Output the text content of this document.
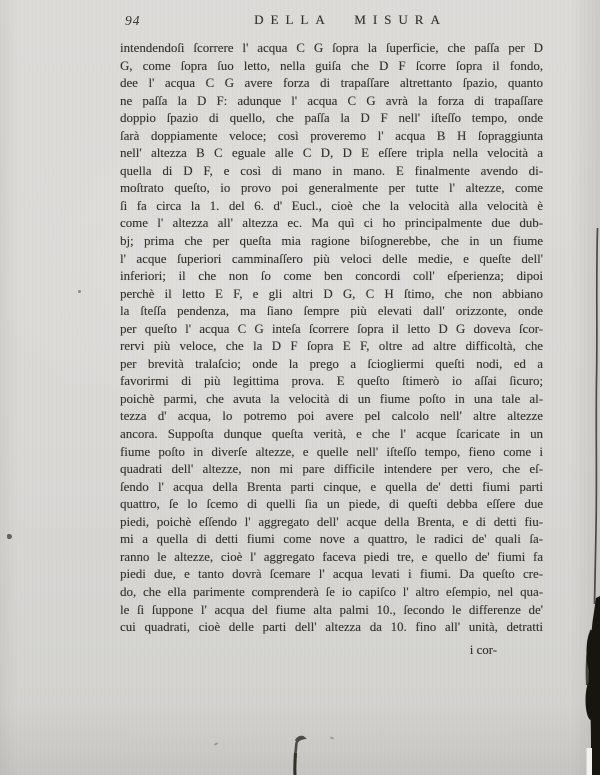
94	DELLA MISURA
intendendoſi ſcorrere l' acqua C G ſopra la ſuperficie, che paſſa per D
G, come ſopra ſuo letto, nella guiſa che D F ſcorre ſopra il fondo,
dee l' acqua C G avere forza di trapaſſare altrettanto ſpazio, quanto
ne paſſa la D F: adunque l' acqua C G avrà la forza di trapaſſare
doppio ſpazio di quello, che paſſa la D F nell' iſteſſo tempo, onde
ſarà doppiamente veloce; così proveremo l' acqua B H ſopraggiunta
nell' altezza B C eguale alle C D, D E eſſere tripla nella velocità a
quella di D F, e così di mano in mano. E finalmente avendo di-
moſtrato queſto, io provo poi generalmente per tutte l' altezze, come
ſi fa circa la 1. del 6. d' Eucl., cioè che la velocità alla velocità è
come l' altezza all' altezza ec. Ma quì ci ho principalmente due dub-
bj; prima che per queſta mia ragione biſognerebbe, che in un fiume
l' acque ſuperiori camminaſſero più veloci delle medie, e queſte dell'
inferiori; il che non ſo come ben concordi coll' eſperienza; dipoi
perchè il letto E F, e gli altri D G, C H ſtimo, che non abbiano
la ſteſſa pendenza, ma ſiano ſempre più elevati dall' orizzonte, onde
per queſto l' acqua C G inteſa ſcorrere ſopra il letto D G doveva ſcor-
rervi più veloce, che la D F ſopra E F, oltre ad altre difficoltà, che
per brevità tralaſcio; onde la prego a ſciogliermi queſti nodi, ed a
favorirmi di più legittima prova. E queſto ſtimerò io aſſai ſicuro;
poichè parmi, che avuta la velocità di un fiume poſto in una tale al-
tezza d' acqua, lo potremo poi avere pel calcolo nell' altre altezze
ancora. Suppoſta dunque queſta verità, e che l' acque ſcaricate in un
fiume poſto in diverſe altezze, e quelle nell' iſteſſo tempo, fieno come i
quadrati dell' altezze, non mi pare difficile intendere per vero, che eſ-
ſendo l' acqua della Brenta parti cinque, e quella de' detti fiumi parti
quattro, ſe lo ſcemo di quelli ſia un piede, di queſti debba eſſere due
piedi, poichè eſſendo l' aggregato dell' acque della Brenta, e di detti fiu-
mi a quella di detti fiumi come nove a quattro, le radici de' quali ſa-
ranno le altezze, cioè l' aggregato faceva piedi tre, e quello de' fiumi fa
piedi due, e tanto dovrà ſcemare l' acqua levati i fiumi. Da queſto cre-
do, che ella parimente comprenderà ſe io capiſco l' altro eſempio, nel qua-
le ſi ſuppone l' acqua del fiume alta palmi 10., ſecondo le differenze de'
cui quadrati, cioè delle parti dell' altezza da 10. fino all' unità, detratti
i cor-
